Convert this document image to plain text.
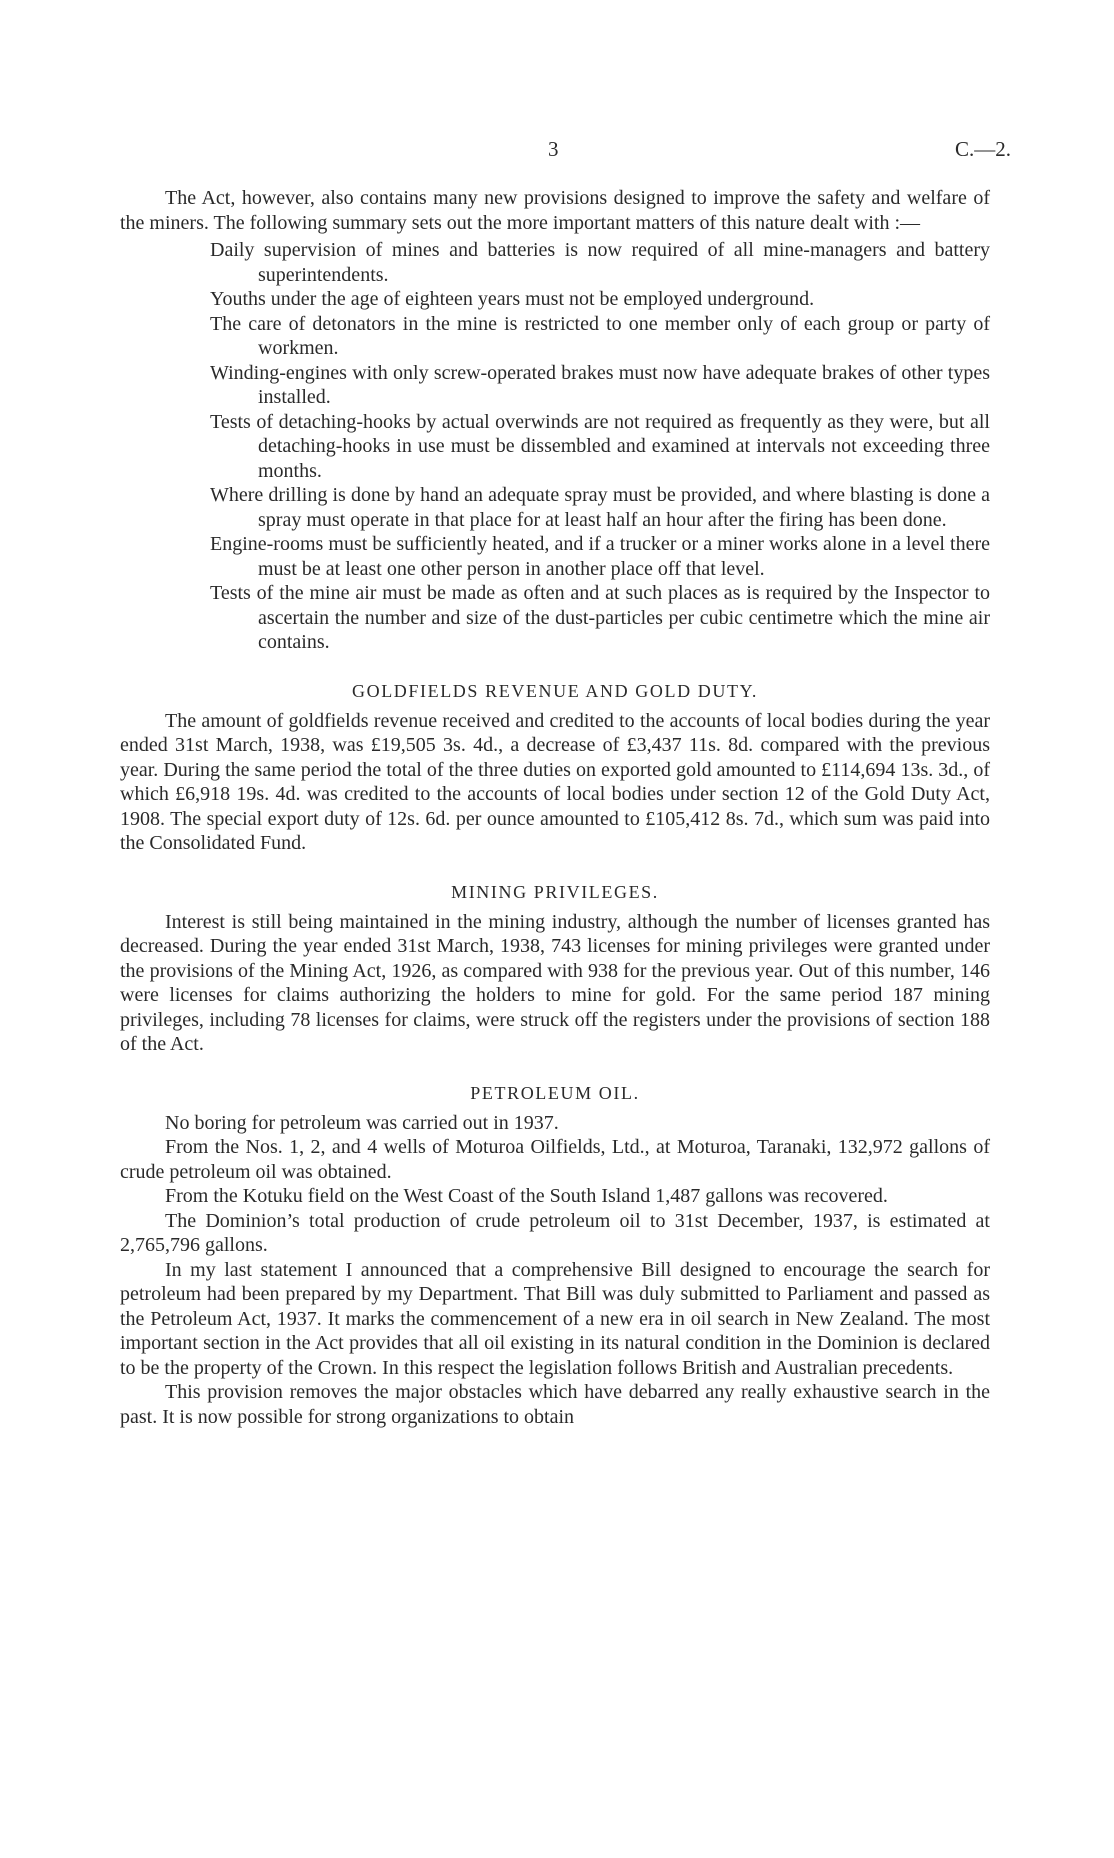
3	C.—2.

The Act, however, also contains many new provisions designed to improve the safety and welfare of the miners. The following summary sets out the more important matters of this nature dealt with :—

Daily supervision of mines and batteries is now required of all mine-managers and battery superintendents.
Youths under the age of eighteen years must not be employed underground.
The care of detonators in the mine is restricted to one member only of each group or party of workmen.
Winding-engines with only screw-operated brakes must now have adequate brakes of other types installed.
Tests of detaching-hooks by actual overwinds are not required as frequently as they were, but all detaching-hooks in use must be dissembled and examined at intervals not exceeding three months.
Where drilling is done by hand an adequate spray must be provided, and where blasting is done a spray must operate in that place for at least half an hour after the firing has been done.
Engine-rooms must be sufficiently heated, and if a trucker or a miner works alone in a level there must be at least one other person in another place off that level.
Tests of the mine air must be made as often and at such places as is required by the Inspector to ascertain the number and size of the dust-particles per cubic centimetre which the mine air contains.
GOLDFIELDS REVENUE AND GOLD DUTY.

The amount of goldfields revenue received and credited to the accounts of local bodies during the year ended 31st March, 1938, was £19,505 3s. 4d., a decrease of £3,437 11s. 8d. compared with the previous year. During the same period the total of the three duties on exported gold amounted to £114,694 13s. 3d., of which £6,918 19s. 4d. was credited to the accounts of local bodies under section 12 of the Gold Duty Act, 1908. The special export duty of 12s. 6d. per ounce amounted to £105,412 8s. 7d., which sum was paid into the Consolidated Fund.

MINING PRIVILEGES.

Interest is still being maintained in the mining industry, although the number of licenses granted has decreased. During the year ended 31st March, 1938, 743 licenses for mining privileges were granted under the provisions of the Mining Act, 1926, as compared with 938 for the previous year. Out of this number, 146 were licenses for claims authorizing the holders to mine for gold. For the same period 187 mining privileges, including 78 licenses for claims, were struck off the registers under the provisions of section 188 of the Act.

PETROLEUM OIL.

No boring for petroleum was carried out in 1937.

From the Nos. 1, 2, and 4 wells of Moturoa Oilfields, Ltd., at Moturoa, Taranaki, 132,972 gallons of crude petroleum oil was obtained.

From the Kotuku field on the West Coast of the South Island 1,487 gallons was recovered.

The Dominion’s total production of crude petroleum oil to 31st December, 1937, is estimated at 2,765,796 gallons.

In my last statement I announced that a comprehensive Bill designed to encourage the search for petroleum had been prepared by my Department. That Bill was duly submitted to Parliament and passed as the Petroleum Act, 1937. It marks the commencement of a new era in oil search in New Zealand. The most important section in the Act provides that all oil existing in its natural condition in the Dominion is declared to be the property of the Crown. In this respect the legislation follows British and Australian precedents.

This provision removes the major obstacles which have debarred any really exhaustive search in the past. It is now possible for strong organizations to obtain
